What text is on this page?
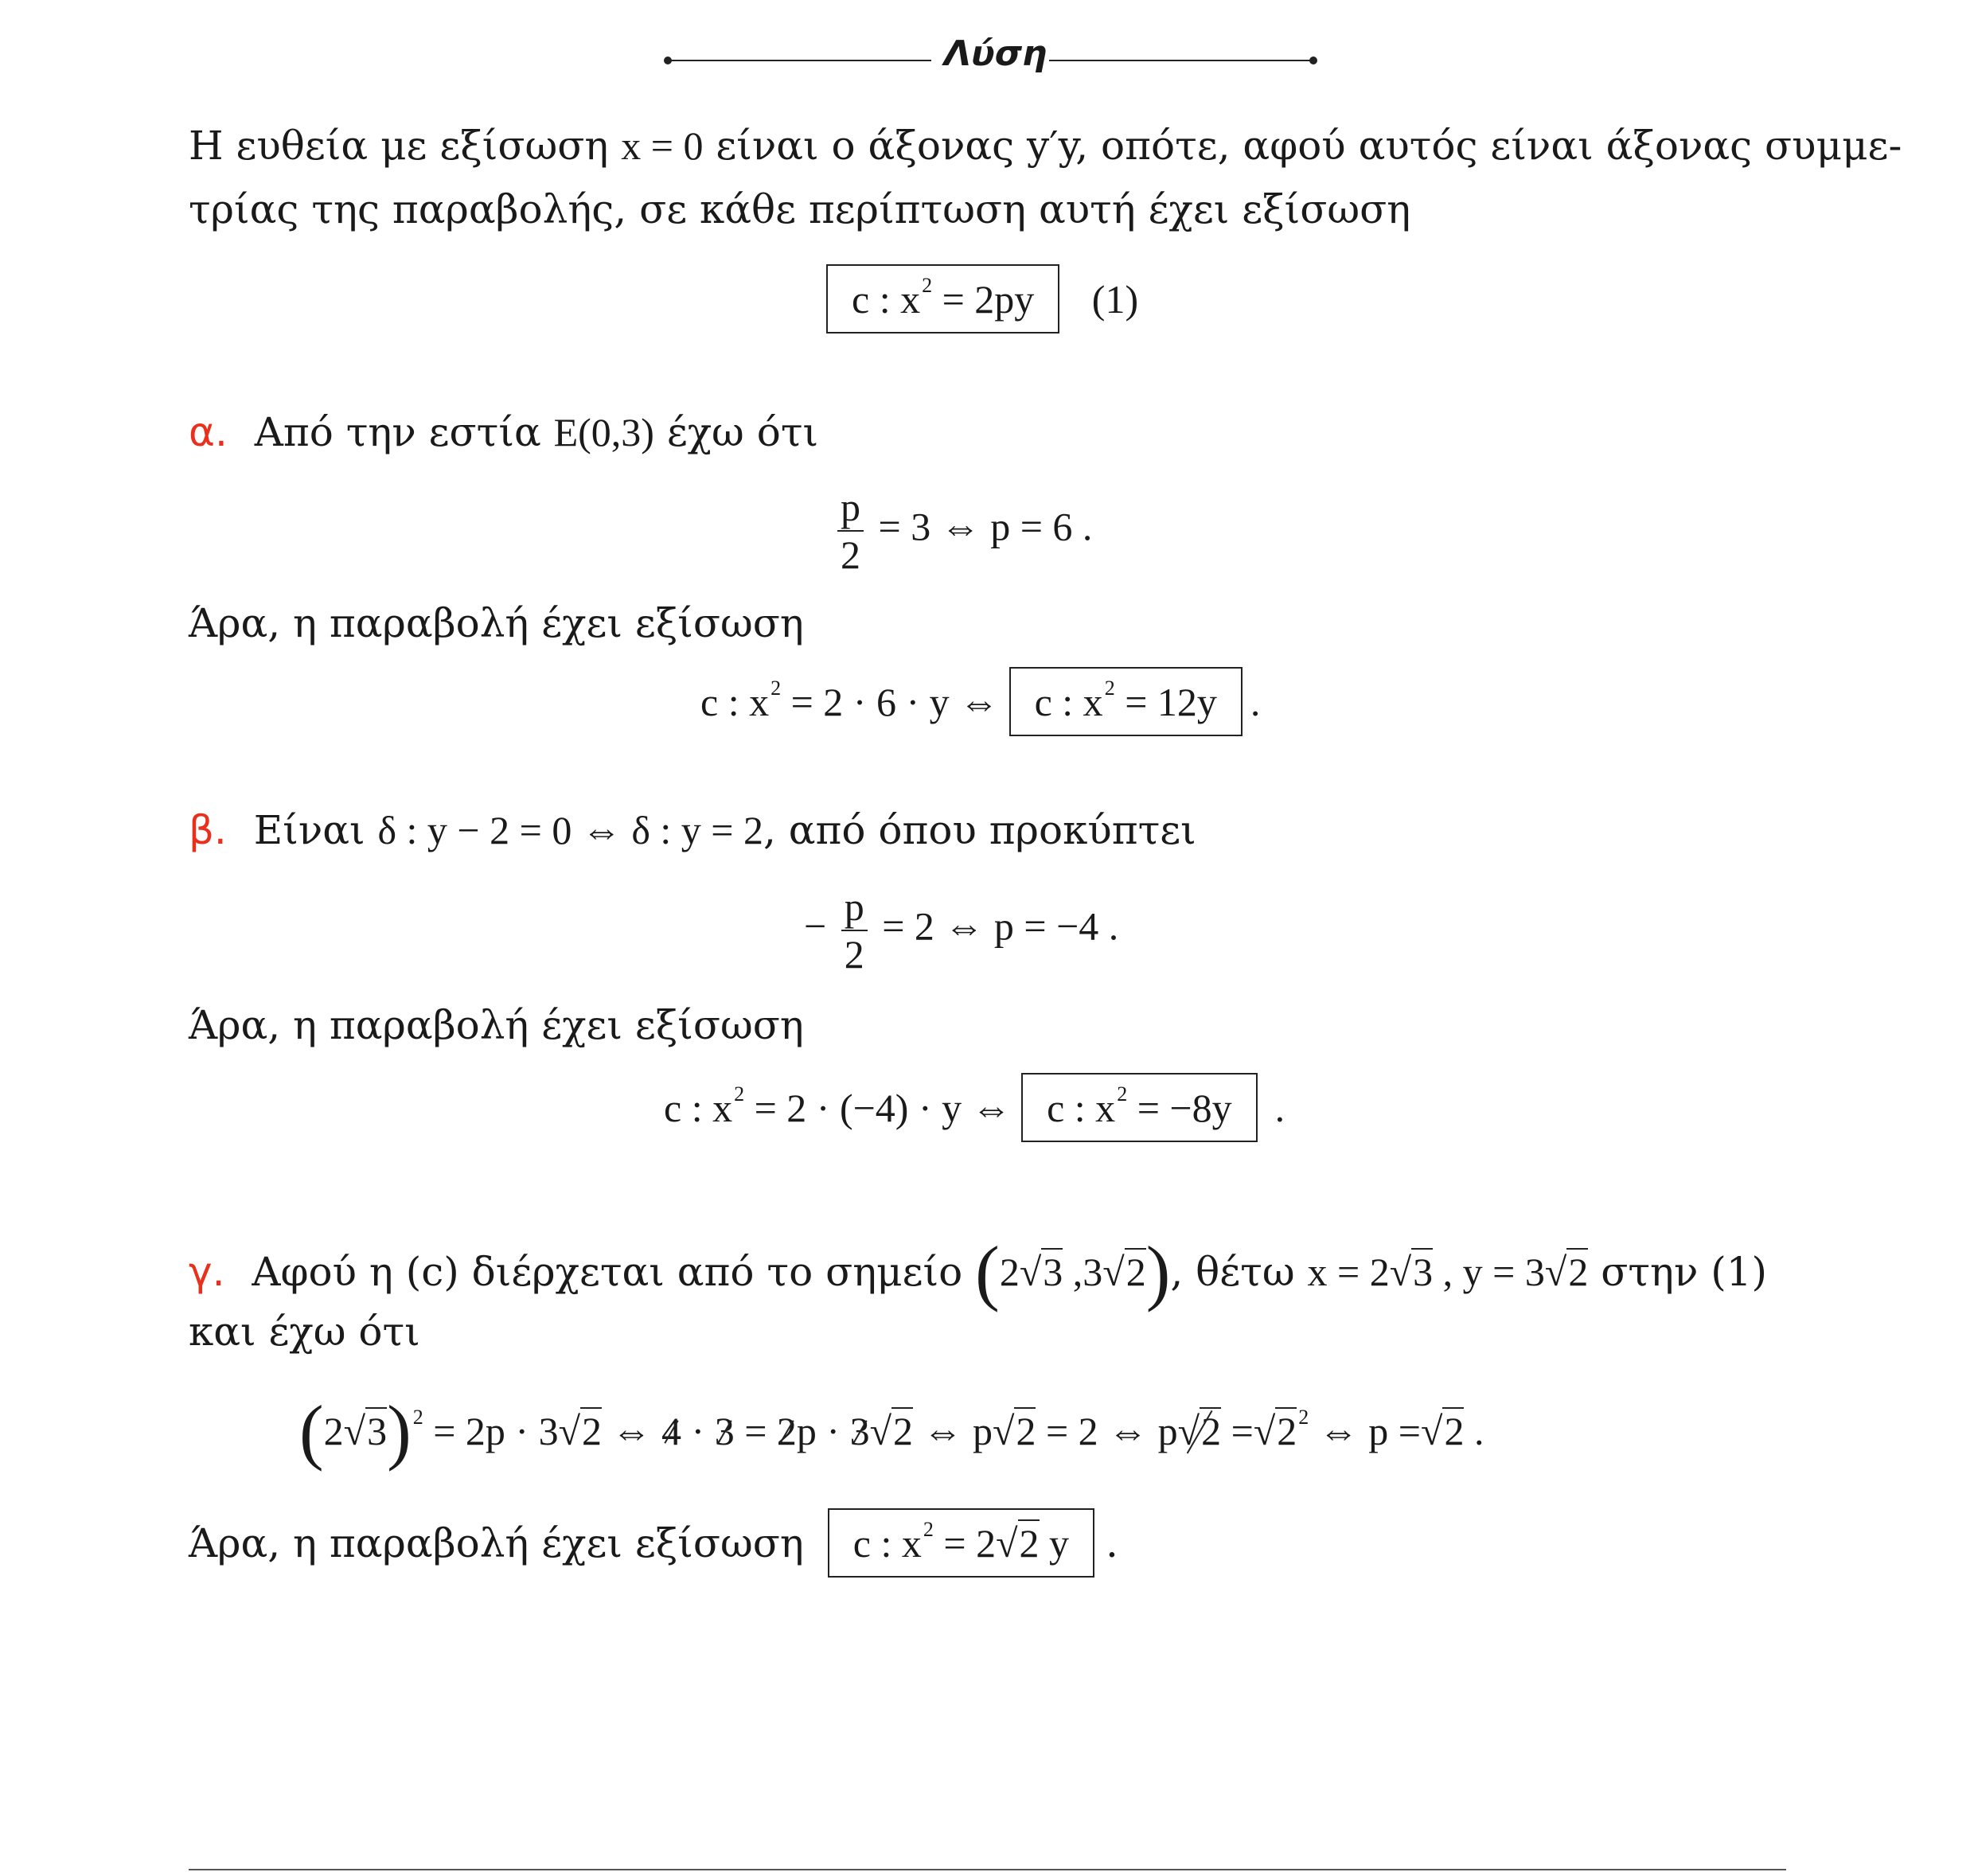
Λύση
Η ευθεία με εξίσωση x = 0 είναι ο άξονας y′y, οπότε, αφού αυτός είναι άξονας συμμε-
τρίας της παραβολής, σε κάθε περίπτωση αυτή έχει εξίσωση
c : $x^2 = 2py$ (1)
α. Από την εστία Ε(0,3) έχω ότι
$\frac{p}{2} = 3$ ⇔ p = 6 .
Άρα, η παραβολή έχει εξίσωση
c : $x^2 = 2 \cdot 6 \cdot y$ ⇔ c : $x^2 = 12y$ .
β. Είναι δ : y − 2 = 0 ⇔ δ : y = 2, από όπου προκύπτει
− $\frac{p}{2} = 2$ ⇔ p = −4 .
Άρα, η παραβολή έχει εξίσωση
c : $x^2 = 2 \cdot (-4) \cdot y$ ⇔ c : $x^2 = -8y$ .
γ. Αφού η (c) διέρχεται από το σημείο (2√3 ,3√2), θέτω x = 2√3 , y = 3√2 στην (1)
και έχω ότι
$(2√3)^2 = 2p \cdot 3√2$ ⇔ 4 · 3 = 2p · 3√2 ⇔ p√2 = 2 ⇔ $p√2 =√2^2$ ⇔ p =√2 .
Άρα, η παραβολή έχει εξίσωση c : $x^2 = 2√2$ y .
